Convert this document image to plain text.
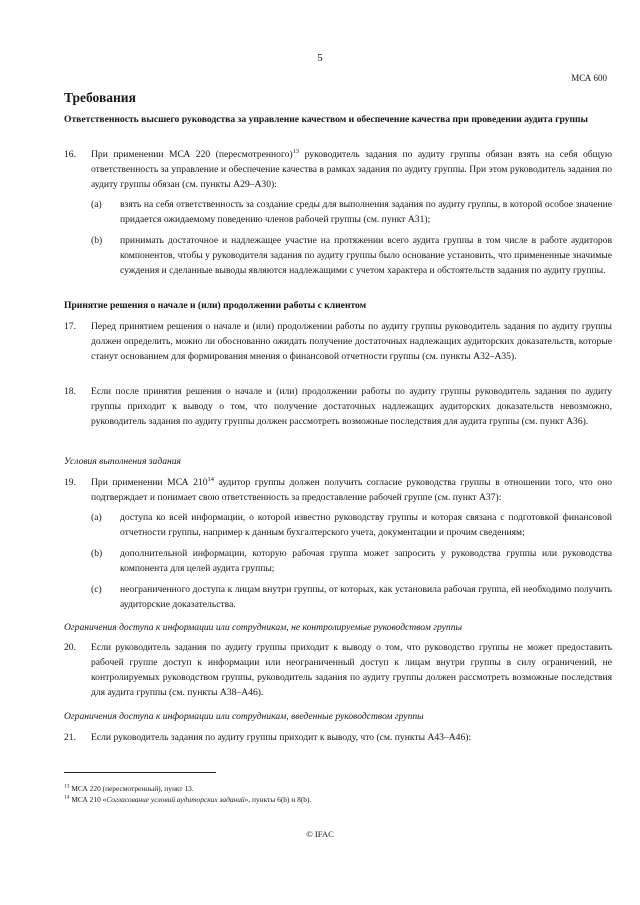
5
МСА 600
Требования
Ответственность высшего руководства за управление качеством и обеспечение качества при проведении аудита группы
16. При применении МСА 220 (пересмотренного)$^{13}$ руководитель задания по аудиту группы обязан взять на себя общую ответственность за управление и обеспечение качества в рамках задания по аудиту группы. При этом руководитель задания по аудиту группы обязан (см. пункты A29–A30):
(a) взять на себя ответственность за создание среды для выполнения задания по аудиту группы, в которой особое значение придается ожидаемому поведению членов рабочей группы (см. пункт A31);
(b) принимать достаточное и надлежащее участие на протяжении всего аудита группы в том числе в работе аудиторов компонентов, чтобы у руководителя задания по аудиту группы было основание установить, что примененные значимые суждения и сделанные выводы являются надлежащими с учетом характера и обстоятельств задания по аудиту группы.
Принятие решения о начале и (или) продолжении работы с клиентом
17. Перед принятием решения о начале и (или) продолжении работы по аудиту группы руководитель задания по аудиту группы должен определить, можно ли обоснованно ожидать получение достаточных надлежащих аудиторских доказательств, которые станут основанием для формирования мнения о финансовой отчетности группы (см. пункты A32–A35).
18. Если после принятия решения о начале и (или) продолжении работы по аудиту группы руководитель задания по аудиту группы приходит к выводу о том, что получение достаточных надлежащих аудиторских доказательств невозможно, руководитель задания по аудиту группы должен рассмотреть возможные последствия для аудита группы (см. пункт A36).
Условия выполнения задания
19. При применении МСА $210^{14}$ аудитор группы должен получить согласие руководства группы в отношении того, что оно подтверждает и понимает свою ответственность за предоставление рабочей группе (см. пункт A37):
(a) доступа ко всей информации, о которой известно руководству группы и которая связана с подготовкой финансовой отчетности группы, например к данным бухгалтерского учета, документации и прочим сведениям;
(b) дополнительной информации, которую рабочая группа может запросить у руководства группы или руководства компонента для целей аудита группы;
(c) неограниченного доступа к лицам внутри группы, от которых, как установила рабочая группа, ей необходимо получить аудиторские доказательства.
Ограничения доступа к информации или сотрудникам, не контролируемые руководством группы
20. Если руководитель задания по аудиту группы приходит к выводу о том, что руководство группы не может предоставить рабочей группе доступ к информации или неограниченный доступ к лицам внутри группы в силу ограничений, не контролируемых руководством группы, руководитель задания по аудиту группы должен рассмотреть возможные последствия для аудита группы (см. пункты A38–A46).
Ограничения доступа к информации или сотрудникам, введенные руководством группы
21. Если руководитель задания по аудиту группы приходит к выводу, что (см. пункты A43–A46):
$^{13}$ МСА 220 (пересмотренный), пункт 13.
$^{14}$ МСА 210 «Согласование условий аудиторских заданий», пункты 6(b) и 8(b).
© IFAC
